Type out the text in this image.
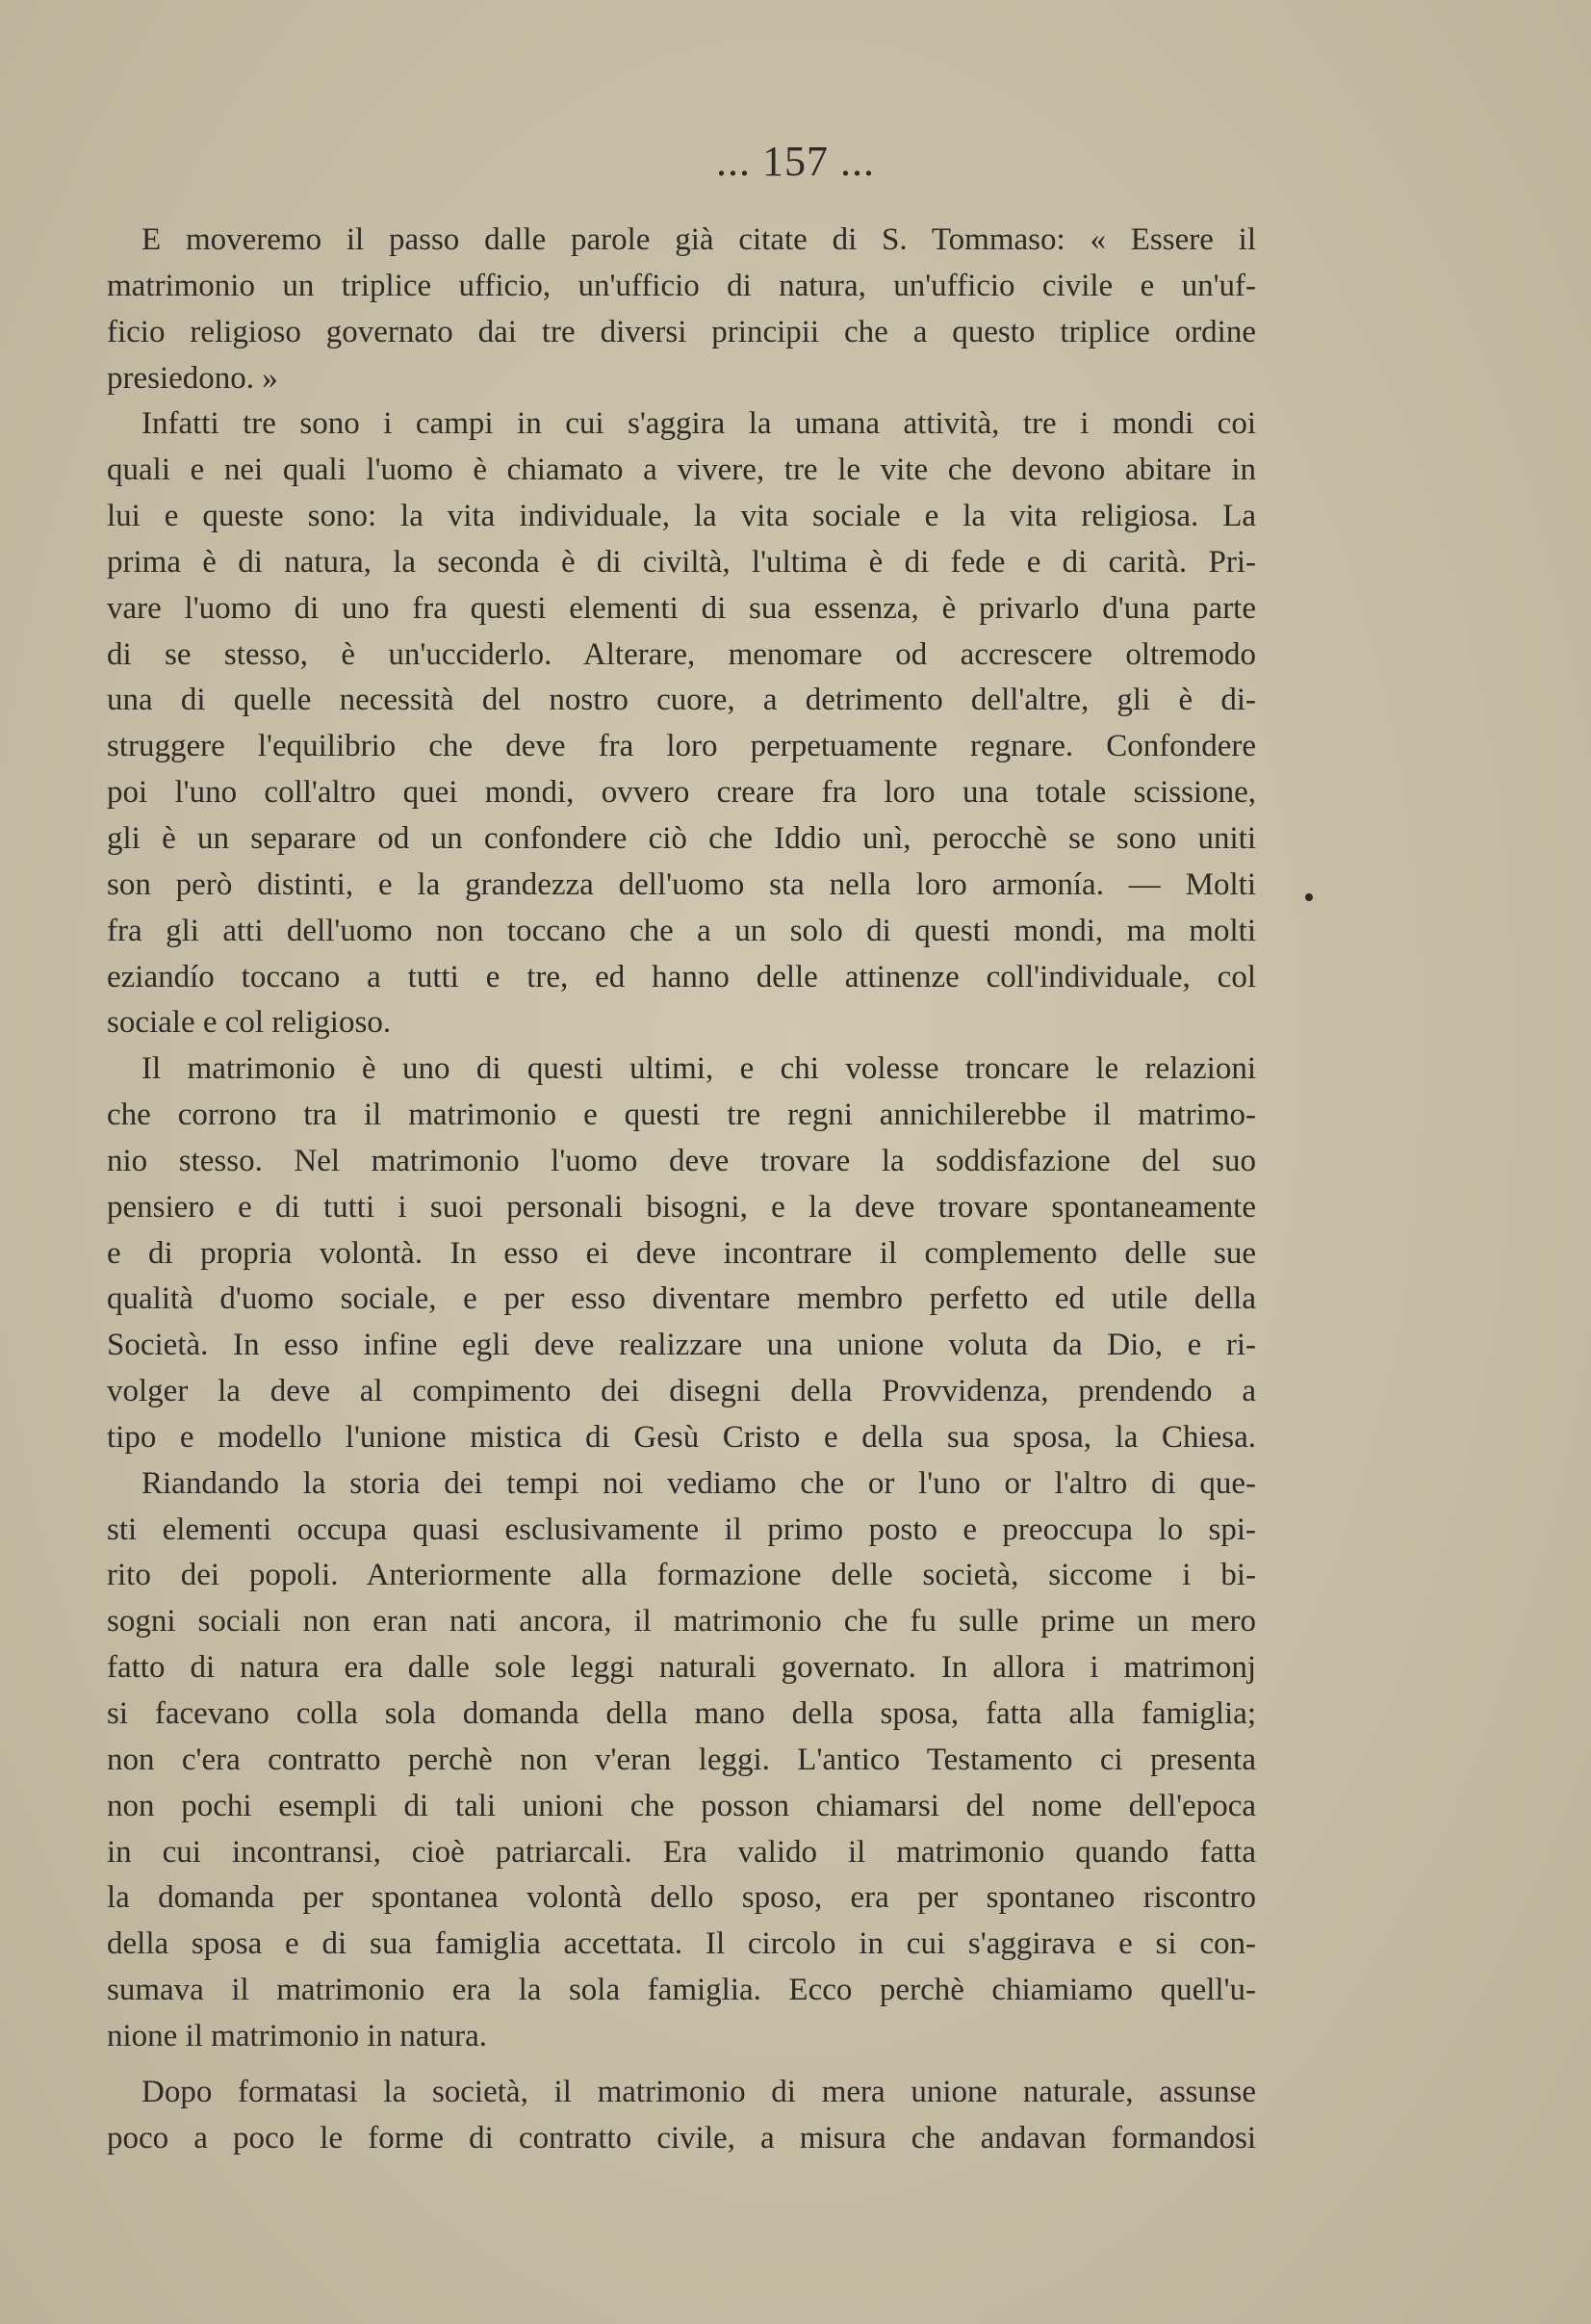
... 157 ...
E moveremo il passo dalle parole già citate di S. Tommaso: « Essere il
matrimonio un triplice ufficio, un'ufficio di natura, un'ufficio civile e un'uf-
ficio religioso governato dai tre diversi principii che a questo triplice ordine
presiedono. »
Infatti tre sono i campi in cui s'aggira la umana attività, tre i mondi coi
quali e nei quali l'uomo è chiamato a vivere, tre le vite che devono abitare in
lui e queste sono: la vita individuale, la vita sociale e la vita religiosa. La
prima è di natura, la seconda è di civiltà, l'ultima è di fede e di carità. Pri-
vare l'uomo di uno fra questi elementi di sua essenza, è privarlo d'una parte
di se stesso, è un'ucciderlo. Alterare, menomare od accrescere oltremodo
una di quelle necessità del nostro cuore, a detrimento dell'altre, gli è di-
struggere l'equilibrio che deve fra loro perpetuamente regnare. Confondere
poi l'uno coll'altro quei mondi, ovvero creare fra loro una totale scissione,
gli è un separare od un confondere ciò che Iddio unì, perocchè se sono uniti
son però distinti, e la grandezza dell'uomo sta nella loro armonía. — Molti
fra gli atti dell'uomo non toccano che a un solo di questi mondi, ma molti
eziandío toccano a tutti e tre, ed hanno delle attinenze coll'individuale, col
sociale e col religioso.
Il matrimonio è uno di questi ultimi, e chi volesse troncare le relazioni
che corrono tra il matrimonio e questi tre regni annichilerebbe il matrimo-
nio stesso. Nel matrimonio l'uomo deve trovare la soddisfazione del suo
pensiero e di tutti i suoi personali bisogni, e la deve trovare spontaneamente
e di propria volontà. In esso ei deve incontrare il complemento delle sue
qualità d'uomo sociale, e per esso diventare membro perfetto ed utile della
Società. In esso infine egli deve realizzare una unione voluta da Dio, e ri-
volger la deve al compimento dei disegni della Provvidenza, prendendo a
tipo e modello l'unione mistica di Gesù Cristo e della sua sposa, la Chiesa.
Riandando la storia dei tempi noi vediamo che or l'uno or l'altro di que-
sti elementi occupa quasi esclusivamente il primo posto e preoccupa lo spi-
rito dei popoli. Anteriormente alla formazione delle società, siccome i bi-
sogni sociali non eran nati ancora, il matrimonio che fu sulle prime un mero
fatto di natura era dalle sole leggi naturali governato. In allora i matrimonj
si facevano colla sola domanda della mano della sposa, fatta alla famiglia;
non c'era contratto perchè non v'eran leggi. L'antico Testamento ci presenta
non pochi esempli di tali unioni che posson chiamarsi del nome dell'epoca
in cui incontransi, cioè patriarcali. Era valido il matrimonio quando fatta
la domanda per spontanea volontà dello sposo, era per spontaneo riscontro
della sposa e di sua famiglia accettata. Il circolo in cui s'aggirava e si con-
sumava il matrimonio era la sola famiglia. Ecco perchè chiamiamo quell'u-
nione il matrimonio in natura.
Dopo formatasi la società, il matrimonio di mera unione naturale, assunse
poco a poco le forme di contratto civile, a misura che andavan formandosi
